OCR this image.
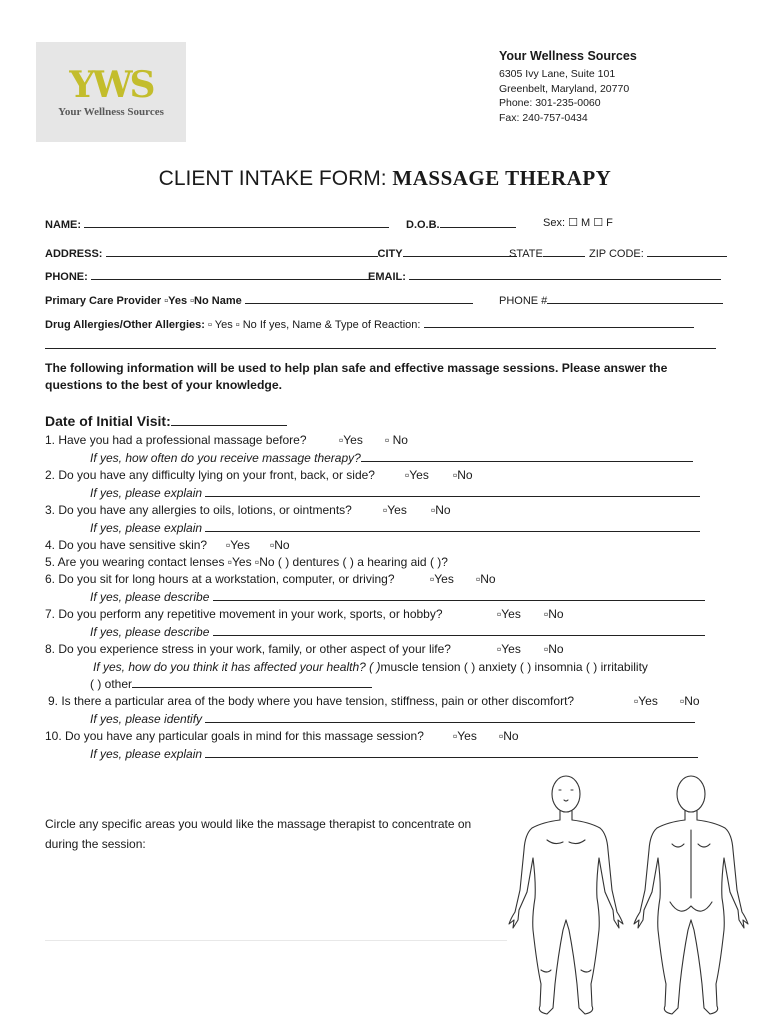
YWS
Your Wellness Sources
Your Wellness Sources
6305 Ivy Lane, Suite 101
Greenbelt, Maryland, 20770
Phone: 301-235-0060
Fax: 240-757-0434
CLIENT INTAKE FORM: MASSAGE THERAPY
NAME:	D.O.B.	Sex: ☐ M ☐ F
ADDRESS:	CITY	STATE	ZIP CODE:
PHONE:	EMAIL:
Primary Care Provider ▫Yes ▫No Name	PHONE #
Drug Allergies/Other Allergies: ▫ Yes ▫ No If yes, Name & Type of Reaction:
The following information will be used to help plan safe and effective massage sessions. Please answer the questions to the best of your knowledge.
Date of Initial Visit:
1. Have you had a professional massage before?	▫Yes ▫ No
If yes, how often do you receive massage therapy?
2. Do you have any difficulty lying on your front, back, or side?	▫Yes ▫No
If yes, please explain
3. Do you have any allergies to oils, lotions, or ointments?	▫Yes ▫No
If yes, please explain
4. Do you have sensitive skin? ▫Yes ▫No
5. Are you wearing contact lenses ▫Yes ▫No ( ) dentures ( ) a hearing aid ( )?
6. Do you sit for long hours at a workstation, computer, or driving?	▫Yes ▫No
If yes, please describe
7. Do you perform any repetitive movement in your work, sports, or hobby?	▫Yes ▫No
If yes, please describe
8. Do you experience stress in your work, family, or other aspect of your life?	▫Yes ▫No
If yes, how do you think it has affected your health? ( )muscle tension ( ) anxiety ( ) insomnia ( ) irritability
( ) other
9. Is there a particular area of the body where you have tension, stiffness, pain or other discomfort?	▫Yes ▫No
If yes, please identify
10. Do you have any particular goals in mind for this massage session? ▫Yes ▫No
If yes, please explain
Circle any specific areas you would like the massage therapist to concentrate on during the session:
